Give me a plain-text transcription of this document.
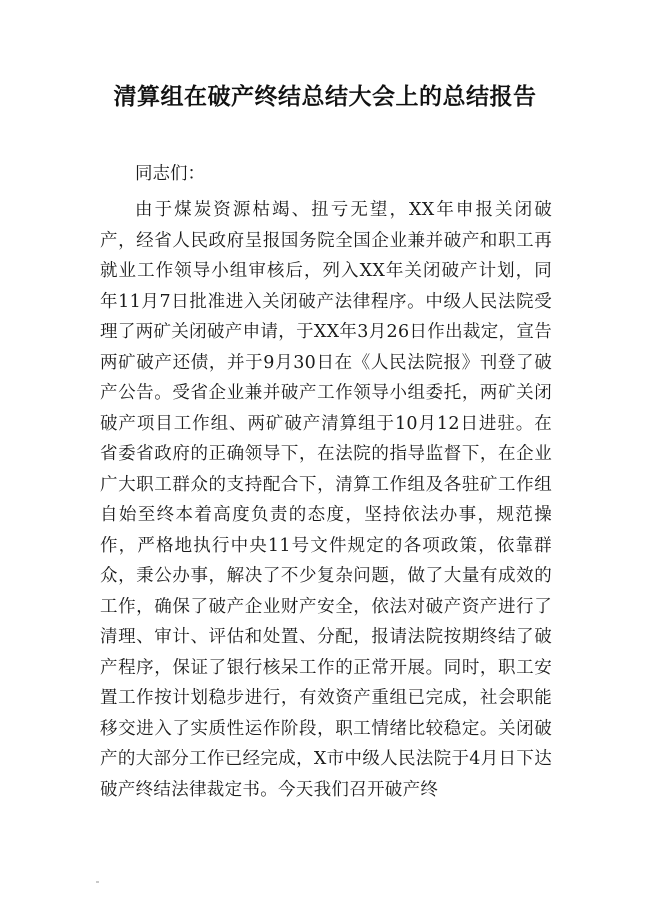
清算组在破产终结总结大会上的总结报告

同志们：

由于煤炭资源枯竭、扭亏无望，XX年申报关闭破产，经省人民政府呈报国务院全国企业兼并破产和职工再就业工作领导小组审核后，列入XX年关闭破产计划，同年11月7日批准进入关闭破产法律程序。中级人民法院受理了两矿关闭破产申请，于XX年3月26日作出裁定，宣告两矿破产还债，并于9月30日在《人民法院报》刊登了破产公告。受省企业兼并破产工作领导小组委托，两矿关闭破产项目工作组、两矿破产清算组于10月12日进驻。在省委省政府的正确领导下，在法院的指导监督下，在企业广大职工群众的支持配合下，清算工作组及各驻矿工作组自始至终本着高度负责的态度，坚持依法办事，规范操作，严格地执行中央11号文件规定的各项政策，依靠群众，秉公办事，解决了不少复杂问题，做了大量有成效的工作，确保了破产企业财产安全，依法对破产资产进行了清理、审计、评估和处置、分配，报请法院按期终结了破产程序，保证了银行核呆工作的正常开展。同时，职工安置工作按计划稳步进行，有效资产重组已完成，社会职能移交进入了实质性运作阶段，职工情绪比较稳定。关闭破产的大部分工作已经完成，X市中级人民法院于4月日下达破产终结法律裁定书。今天我们召开破产终
